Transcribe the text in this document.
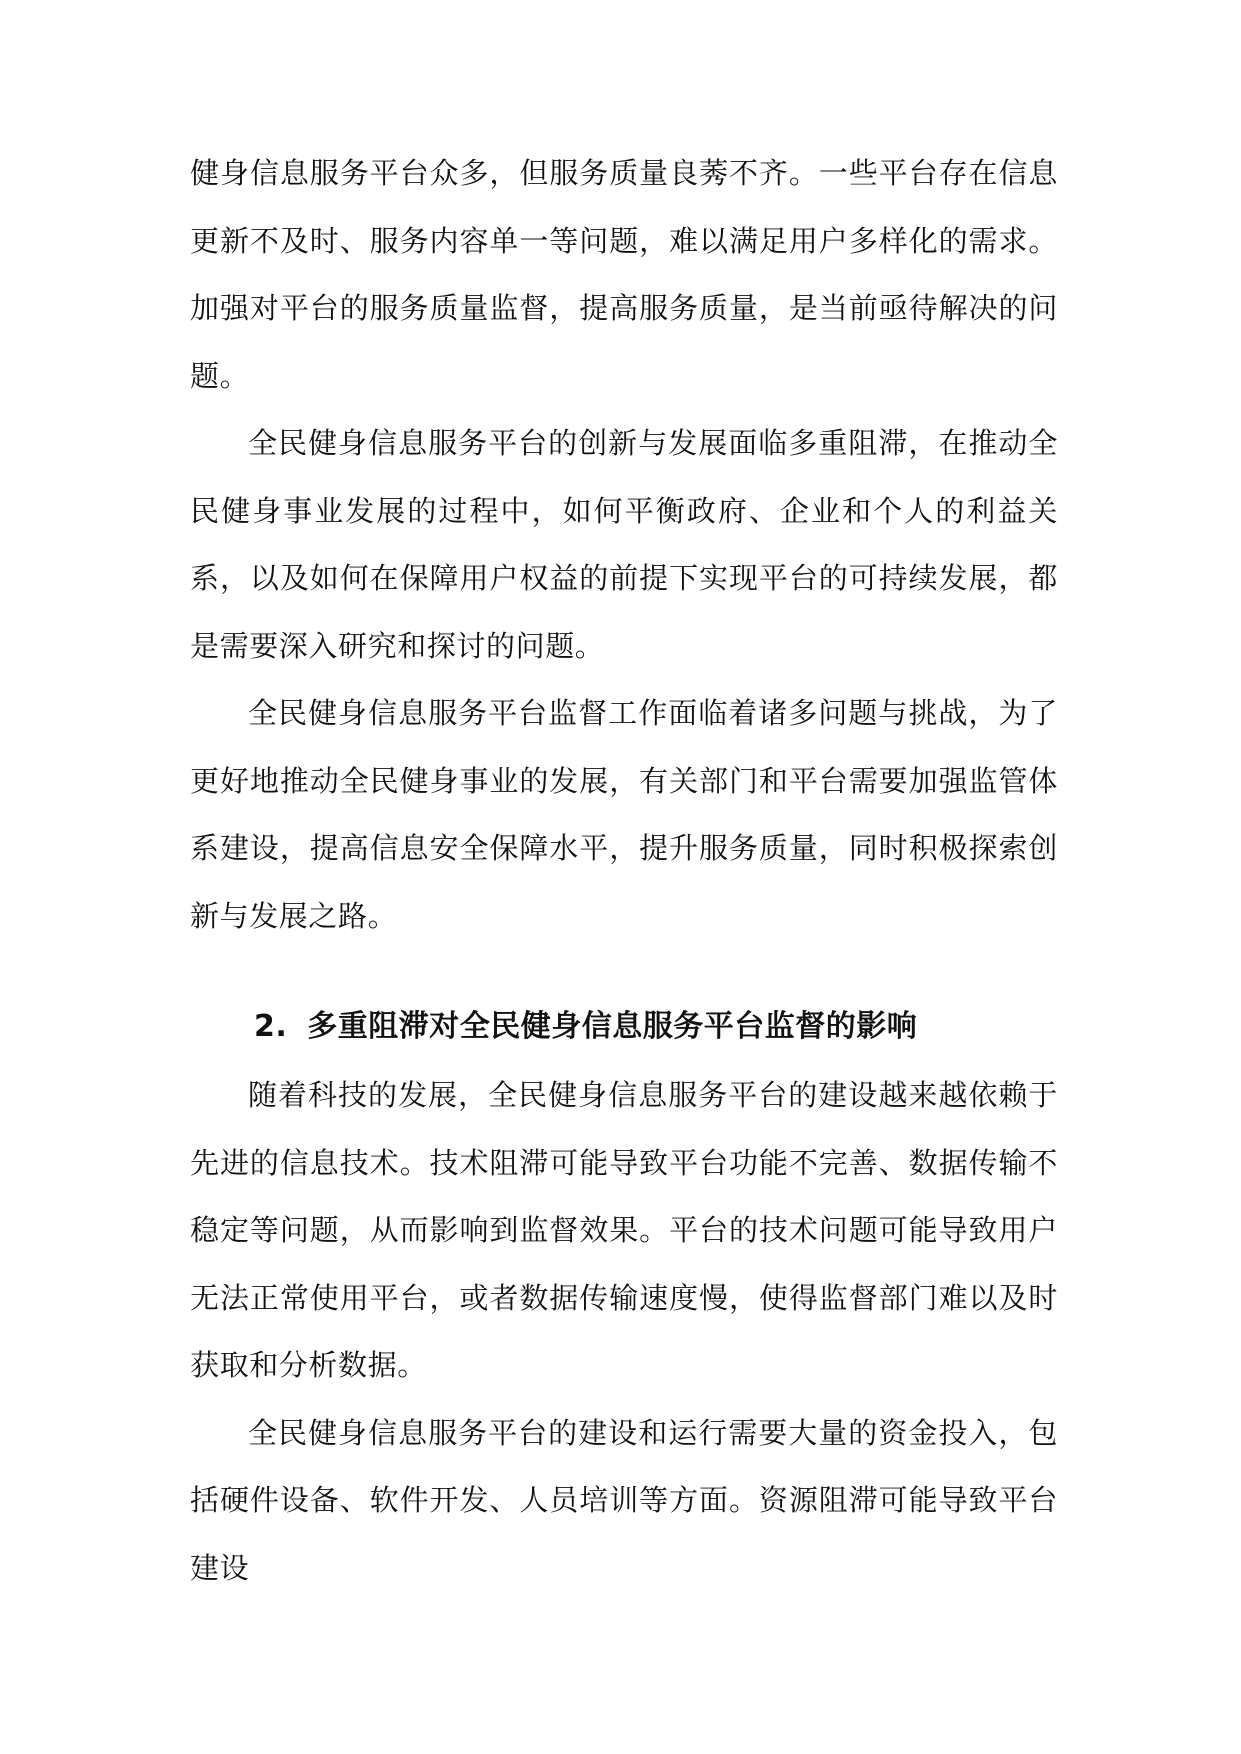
健身信息服务平台众多，但服务质量良莠不齐。一些平台存在信息更新不及时、服务内容单一等问题，难以满足用户多样化的需求。加强对平台的服务质量监督，提高服务质量，是当前亟待解决的问题。

全民健身信息服务平台的创新与发展面临多重阻滞，在推动全民健身事业发展的过程中，如何平衡政府、企业和个人的利益关系，以及如何在保障用户权益的前提下实现平台的可持续发展，都是需要深入研究和探讨的问题。

全民健身信息服务平台监督工作面临着诸多问题与挑战，为了更好地推动全民健身事业的发展，有关部门和平台需要加强监管体系建设，提高信息安全保障水平，提升服务质量，同时积极探索创新与发展之路。

2. 多重阻滞对全民健身信息服务平台监督的影响

随着科技的发展，全民健身信息服务平台的建设越来越依赖于先进的信息技术。技术阻滞可能导致平台功能不完善、数据传输不稳定等问题，从而影响到监督效果。平台的技术问题可能导致用户无法正常使用平台，或者数据传输速度慢，使得监督部门难以及时获取和分析数据。

全民健身信息服务平台的建设和运行需要大量的资金投入，包括硬件设备、软件开发、人员培训等方面。资源阻滞可能导致平台建设
